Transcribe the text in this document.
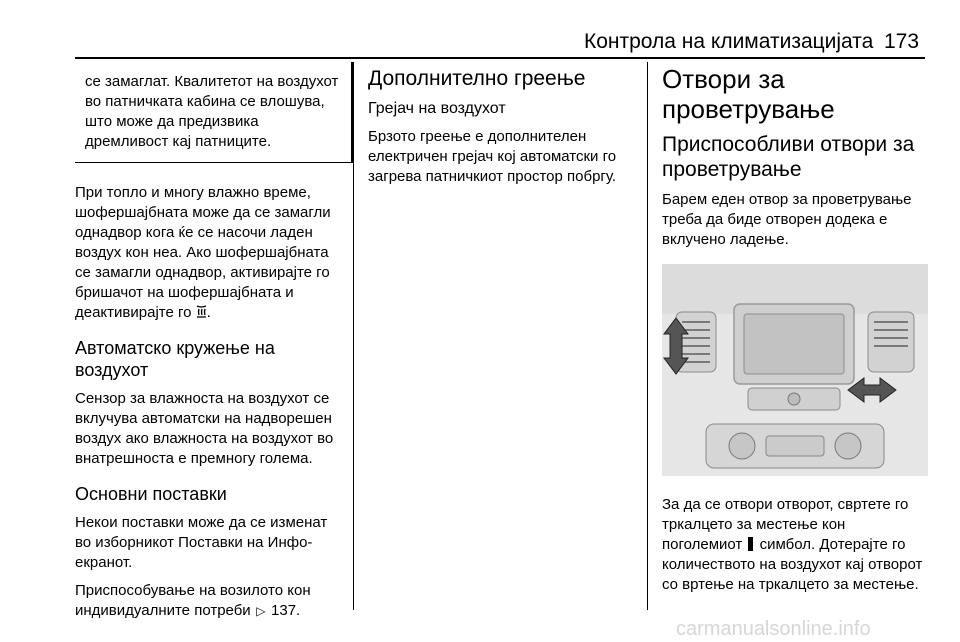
Контрола на климатизацијата 173
се замаглат. Квалитетот на воздухот во патничката кабина се влошува, што може да предизвика дремливост кај патниците.

При топло и многу влажно време, шофершајбната може да се замагли однадвор кога ќе се насочи ладен воздух кон неа. Ако шофершајбната се замагли однадвор, активирајте го бришачот на шофершајбната и деактивирајте го .

Автоматско кружење на воздухот

Сензор за влажноста на воздухот се вклучува автоматски на надворешен воздух ако влажноста на воздухот во внатрешноста е премногу голема.

Основни поставки

Некои поставки може да се изменат во изборникот Поставки на Инфо-екранот.

Приспособување на возилото кон индивидуалните потреби ▷ 137.

Дополнително греење
Грејач на воздухот

Брзото греење е дополнителен електричен грејач кој автоматски го загрева патничкиот простор побргу.

Отвори за проветрување
Приспособливи отвори за проветрување

Барем еден отвор за проветрување треба да биде отворен додека е вклучено ладење.

За да се отвори отворот, свртете го тркалцето за местење кон поголемиот симбол. Дотерајте го количеството на воздухот кај отворот со вртење на тркалцето за местење.

carmanualsonline.info
